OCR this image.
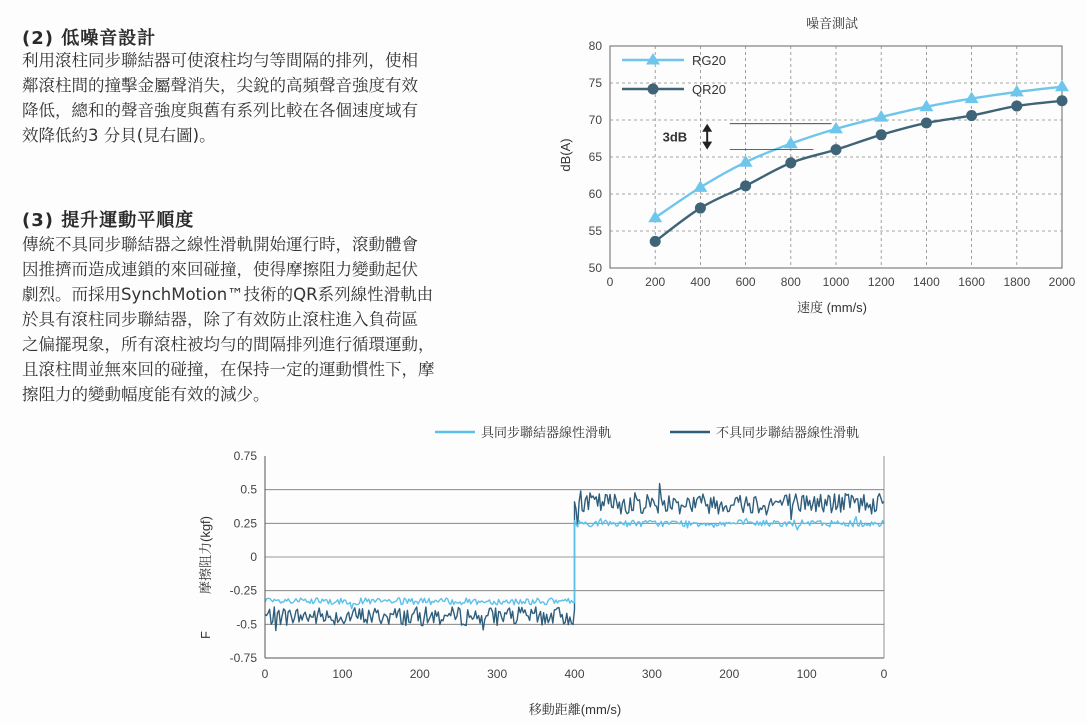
(2) 低噪音設計

利用滾柱同步聯結器可使滾柱均勻等間隔的排列，使相
鄰滾柱間的撞擊金屬聲消失，尖銳的高頻聲音強度有效
降低，總和的聲音強度與舊有系列比較在各個速度域有
效降低約3 分貝(見右圖)。

(3) 提升運動平順度

傳統不具同步聯結器之線性滑軌開始運行時，滾動體會
因推擠而造成連鎖的來回碰撞，使得摩擦阻力變動起伏
劇烈。而採用SynchMotion™技術的QR系列線性滑軌由
於具有滾柱同步聯結器，除了有效防止滾柱進入負荷區
之偏擺現象，所有滾柱被均勻的間隔排列進行循環運動，
且滾柱間並無來回的碰撞，在保持一定的運動慣性下，摩
擦阻力的變動幅度能有效的減少。

噪音測試
50
55
60
65
70
75
80
0	200 400 600 800 1000 1200 1400 1600 1800 2000
RG20
QR20
3dB
速度 (mm/s)
dB(A)
具同步聯結器線性滑軌	不具同步聯結器線性滑軌
0.75
0.5
0.25
0
-0.25
-0.5
-0.75
0	100	200	300	400	300	200	100	0
移動距離(mm/s)
摩擦阻力(kgf)
F
